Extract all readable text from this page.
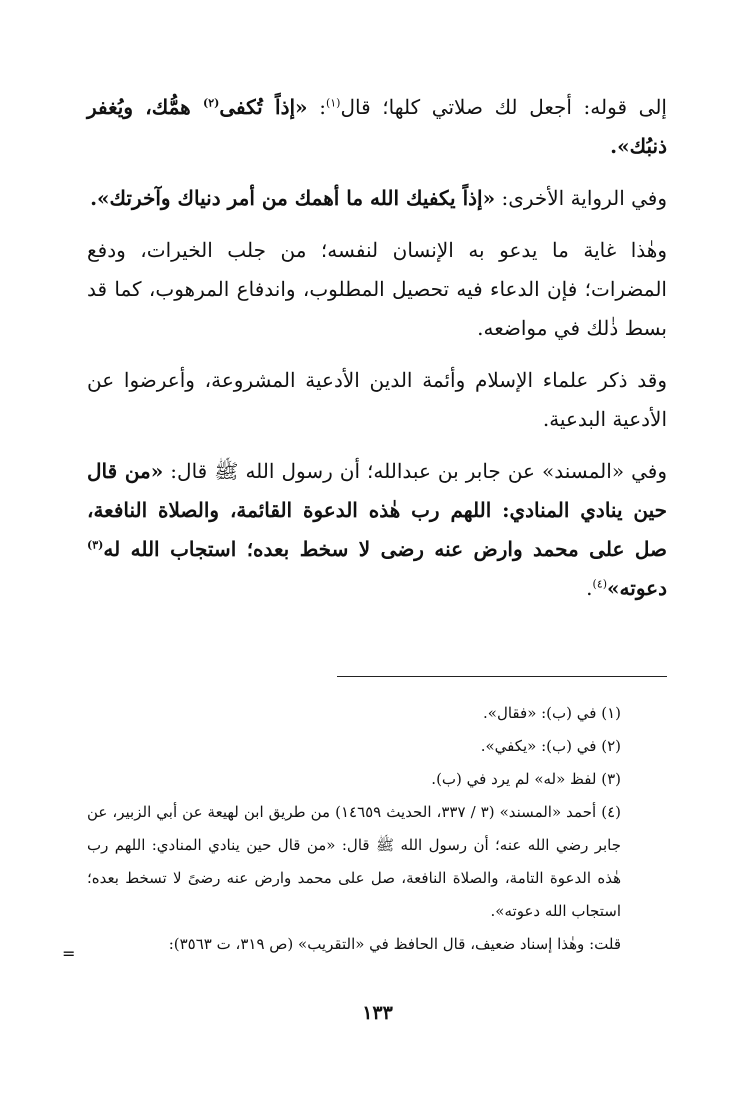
إلى قوله: أجعل لك صلاتي كلها؛ قال$^{(١)}$: «إذاً تُكفى$^{(٢)}$ همُّك، ويُغفر ذنبُك».

وفي الرواية الأخرى: «إذاً يكفيك الله ما أهمك من أمر دنياك وآخرتك».

وهٰذا غاية ما يدعو به الإنسان لنفسه؛ من جلب الخيرات، ودفع المضرات؛ فإن الدعاء فيه تحصيل المطلوب، واندفاع المرهوب، كما قد بسط ذٰلك في مواضعه.

وقد ذكر علماء الإسلام وأئمة الدين الأدعية المشروعة، وأعرضوا عن الأدعية البدعية.

وفي «المسند» عن جابر بن عبدالله؛ أن رسول الله ﷺ قال: «من قال حين ينادي المنادي: اللهم رب هٰذه الدعوة القائمة، والصلاة النافعة، صل على محمد وارض عنه رضى لا سخط بعده؛ استجاب الله له$^{(٣)}$ دعوته»$^{(٤)}$.

(١) في (ب): «فقال».

(٢) في (ب): «يكفي».

(٣) لفظ «له» لم يرد في (ب).

(٤) أحمد «المسند» (٣ / ٣٣٧، الحديث ١٤٦٥٩) من طريق ابن لهيعة عن أبي الزبير، عن جابر رضي الله عنه؛ أن رسول الله ﷺ قال: «من قال حين ينادي المنادي: اللهم رب هٰذه الدعوة التامة، والصلاة النافعة، صل على محمد وارض عنه رضىً لا تسخط بعده؛ استجاب الله دعوته».

قلت: وهٰذا إسناد ضعيف، قال الحافظ في «التقريب» (ص ٣١٩، ت ٣٥٦٣):

=
١٣٣
